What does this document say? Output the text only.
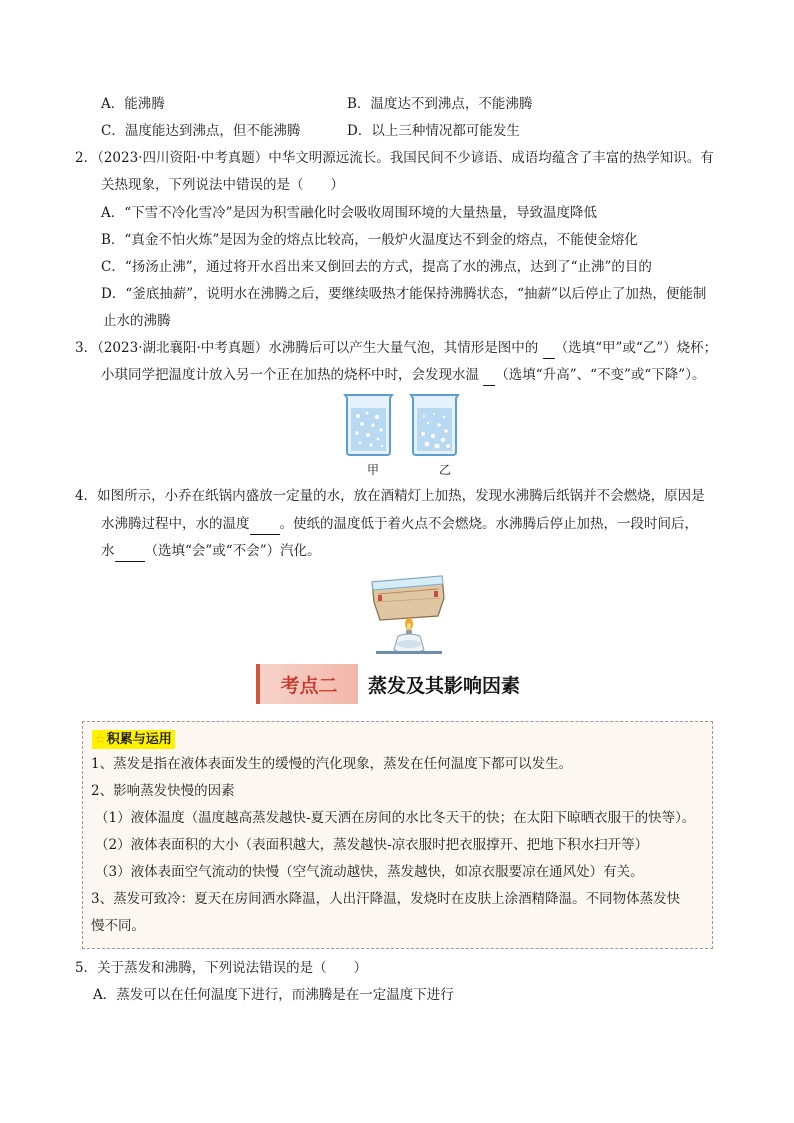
A．能沸腾	B．温度达不到沸点，不能沸腾
C．温度能达到沸点，但不能沸腾	D．以上三种情况都可能发生
2．（2023·四川资阳·中考真题）中华文明源远流长。我国民间不少谚语、成语均蕴含了丰富的热学知识。有
关热现象，下列说法中错误的是（　　）
A．“下雪不冷化雪冷”是因为积雪融化时会吸收周围环境的大量热量，导致温度降低
B．“真金不怕火炼”是因为金的熔点比较高，一般炉火温度达不到金的熔点，不能使金熔化
C．“扬汤止沸”，通过将开水舀出来又倒回去的方式，提高了水的沸点，达到了“止沸”的目的
D．“釜底抽薪”，说明水在沸腾之后，要继续吸热才能保持沸腾状态，“抽薪”以后停止了加热，便能制
止水的沸腾
3．（2023·湖北襄阳·中考真题）水沸腾后可以产生大量气泡，其情形是图中的  （选填“甲”或“乙”）烧杯；
小琪同学把温度计放入另一个正在加热的烧杯中时，会发现水温  （选填“升高”、“不变”或“下降”）。
甲	乙
4．如图所示，小乔在纸锅内盛放一定量的水，放在酒精灯上加热，发现水沸腾后纸锅并不会燃烧，原因是
水沸腾过程中，水的温度 。使纸的温度低于着火点不会燃烧。水沸腾后停止加热，一段时间后，
水 （选填“会”或“不会”）汽化。
考点二	蒸发及其影响因素
☆积累与运用
1、蒸发是指在液体表面发生的缓慢的汽化现象，蒸发在任何温度下都可以发生。
2、影响蒸发快慢的因素
（1）液体温度（温度越高蒸发越快-夏天洒在房间的水比冬天干的快；在太阳下晾晒衣服干的快等）。
（2）液体表面积的大小（表面积越大，蒸发越快-凉衣服时把衣服撑开、把地下积水扫开等）
（3）液体表面空气流动的快慢（空气流动越快，蒸发越快，如凉衣服要凉在通风处）有关。
3、蒸发可致冷：夏天在房间洒水降温，人出汗降温，发烧时在皮肤上涂酒精降温。不同物体蒸发快
慢不同。
5．关于蒸发和沸腾，下列说法错误的是（　　）
A．蒸发可以在任何温度下进行，而沸腾是在一定温度下进行
